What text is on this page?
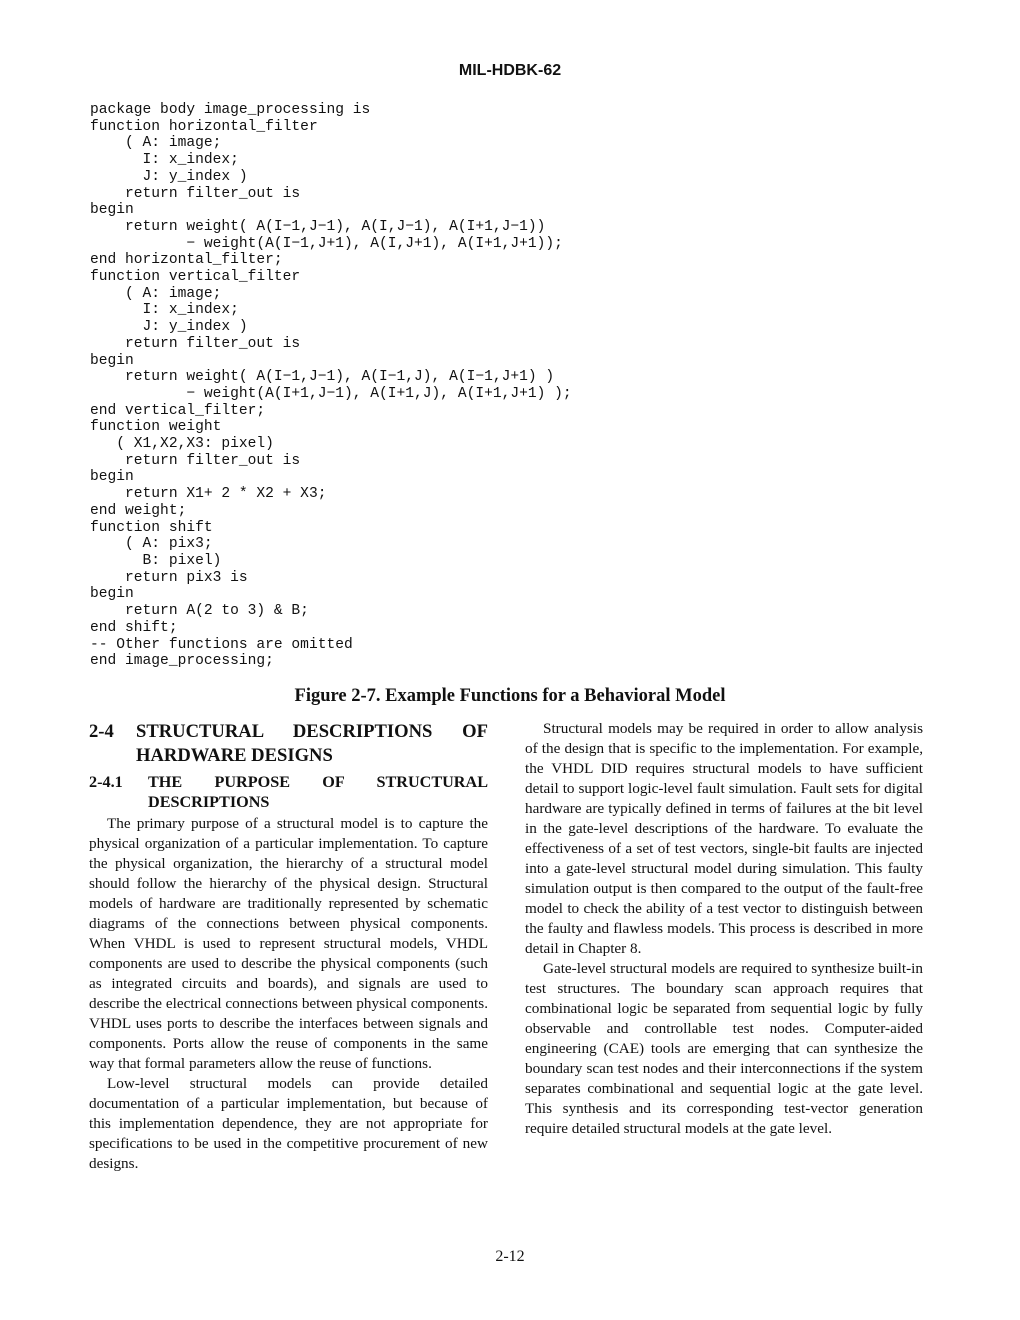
MIL-HDBK-62
package body image_processing is
function horizontal_filter
( A: image;
I: x_index;
J: y_index )
return filter_out is
begin
return weight( A(I−1,J−1), A(I,J−1), A(I+1,J−1))
− weight(A(I−1,J+1), A(I,J+1), A(I+1,J+1));
end horizontal_filter;
function vertical_filter
( A: image;
I: x_index;
J: y_index )
return filter_out is
begin
return weight( A(I−1,J−1), A(I−1,J), A(I−1,J+1) )
− weight(A(I+1,J−1), A(I+1,J), A(I+1,J+1) );
end vertical_filter;
function weight
( X1,X2,X3: pixel)
return filter_out is
begin
return X1+ 2 * X2 + X3;
end weight;
function shift
( A: pix3;
B: pixel)
return pix3 is
begin
return A(2 to 3) & B;
end shift;
-- Other functions are omitted
end image_processing;
Figure 2-7. Example Functions for a Behavioral Model
2-4	STRUCTURAL DESCRIPTIONS OF HARDWARE DESIGNS
2-4.1	THE PURPOSE OF STRUCTURAL DESCRIPTIONS

The primary purpose of a structural model is to capture the physical organization of a particular implementation. To capture the physical organization, the hierarchy of a structural model should follow the hierarchy of the physical design. Structural models of hardware are traditionally represented by schematic diagrams of the connections between physical components. When VHDL is used to represent structural models, VHDL components are used to describe the physical components (such as integrated circuits and boards), and signals are used to describe the electrical connections between physical components. VHDL uses ports to describe the interfaces between signals and components. Ports allow the reuse of components in the same way that formal parameters allow the reuse of functions.

Low-level structural models can provide detailed documentation of a particular implementation, but because of this implementation dependence, they are not appropriate for specifications to be used in the competitive procurement of new designs.

Structural models may be required in order to allow analysis of the design that is specific to the implementation. For example, the VHDL DID requires structural models to have sufficient detail to support logic-level fault simulation. Fault sets for digital hardware are typically defined in terms of failures at the bit level in the gate-level descriptions of the hardware. To evaluate the effectiveness of a set of test vectors, single-bit faults are injected into a gate-level structural model during simulation. This faulty simulation output is then compared to the output of the fault-free model to check the ability of a test vector to distinguish between the faulty and flawless models. This process is described in more detail in Chapter 8.

Gate-level structural models are required to synthesize built-in test structures. The boundary scan approach requires that combinational logic be separated from sequential logic by fully observable and controllable test nodes. Computer-aided engineering (CAE) tools are emerging that can synthesize the boundary scan test nodes and their interconnections if the system separates combinational and sequential logic at the gate level. This synthesis and its corresponding test-vector generation require detailed structural models at the gate level.

2-12
